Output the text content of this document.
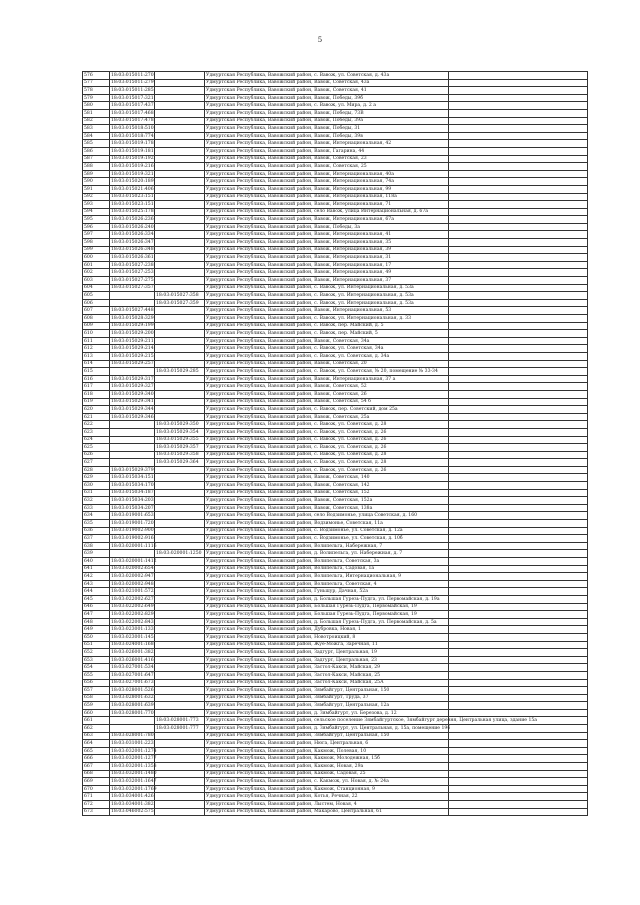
5
576	18:03:015011:270		Удмуртская Республика, Вавожский район, с. Вавож, ул. Советская, д. 43а	
577	18:03:015011:279		Удмуртская Республика, Вавожский район, Вавож, Советская, 43а	
578	18:03:015011:285		Удмуртская Республика, Вавожский район, Вавож, Советская, 41	
579	18:03:015017:321		Удмуртская Республика, Вавожский район, Вавож, Победы, 39б	
580	18:03:015017:437		Удмуртская Республика, Вавожский район, с. Вавож, ул. Мира, д. 2 а	
581	18:03:015017:468		Удмуртская Республика, Вавожский район, Вавож, Победы, 73В	
582	18:03:015017:478		Удмуртская Республика, Вавожский район, Вавож, Победы, 39а	
583	18:03:015018:510		Удмуртская Республика, Вавожский район, Вавож, Победы, 31	
584	18:03:015018:774		Удмуртская Республика, Вавожский район, Вавож, Победы, 39в	
585	18:03:015019:178		Удмуртская Республика, Вавожский район, Вавож, Интернациональная, 42	
586	18:03:015019:181		Удмуртская Республика, Вавожский район, Вавож, Гагарина, 44	
587	18:03:015019:192		Удмуртская Республика, Вавожский район, Вавож, Советская, 23	
588	18:03:015019:216		Удмуртская Республика, Вавожский район, Вавож, Советская, 25	
589	18:03:015019:321		Удмуртская Республика, Вавожский район, Вавож, Интернациональная, 40а	
590	18:03:015020:189		Удмуртская Республика, Вавожский район, Вавож, Интернациональная, 74а	
591	18:03:015021:406		Удмуртская Республика, Вавожский район, Вавож, Интернациональная, 99	
592	18:03:015023:151		Удмуртская Республика, Вавожский район, Вавож, Интернациональная, 118а	
593	18:03:015023:151		Удмуртская Республика, Вавожский район, Вавож, Интернациональная, 71	
594	18:03:015025:178		Удмуртская Республика, Вавожский район, село Вавож, улица Интернациональная, д. 67а	
595	18:03:015026:236		Удмуртская Республика, Вавожский район, Вавож, Интернациональная, 67а	
596	18:03:015026:240		Удмуртская Республика, Вавожский район, Вавож, Победы, 3а	
597	18:03:015026:334		Удмуртская Республика, Вавожский район, Вавож, Интернациональная, 41	
598	18:03:015026:347		Удмуртская Республика, Вавожский район, Вавож, Интернациональная, 35	
599	18:03:015026:348		Удмуртская Республика, Вавожский район, Вавож, Интернациональная, 39	
600	18:03:015026:361		Удмуртская Республика, Вавожский район, Вавож, Интернациональная, 31	
601	18:03:015027:238		Удмуртская Республика, Вавожский район, Вавож, Интернациональная, 17	
602	18:03:015027:253		Удмуртская Республика, Вавожский район, Вавож, Интернациональная, 49	
603	18:03:015027:275		Удмуртская Республика, Вавожский район, Вавож, Интернациональная, 37	
604	18:03:015027:357		Удмуртская Республика, Вавожский район, с. Вавож, ул. Интернациональная, д. 53а	
605		18:03:015027:358	Удмуртская Республика, Вавожский район, с. Вавож, ул. Интернациональная, д. 53а	
606		18:03:015027:359	Удмуртская Республика, Вавожский район, с. Вавож, ул. Интернациональная, д. 53а	
607	18:03:015027:448		Удмуртская Республика, Вавожский район, Вавож, Интернациональная, 53	
608	18:03:015028:329		Удмуртская Республика, Вавожский район, с. Вавож, ул. Интернациональная, д. 33	
609	18:03:015029:199		Удмуртская Республика, Вавожский район, с. Вавож, пер. Майский, д. 5	
610	18:03:015029:200		Удмуртская Республика, Вавожский район, с. Вавож, пер. Майский, 5	
611	18:03:015029:211		Удмуртская Республика, Вавожский район, Вавож, Советская, 34а	
612	18:03:015029:214		Удмуртская Республика, Вавожский район, с. Вавож, ул. Советская, 34а	
613	18:03:015029:215		Удмуртская Республика, Вавожский район, с. Вавож, ул. Советская, д. 34а	
614	18:03:015029:257		Удмуртская Республика, Вавожский район, Вавож, Советская, 20	
615		18:03:015029:285	Удмуртская Республика, Вавожский район, с. Вавож, ул. Советская, № 20, помещение № 33-34	
616	18:03:015029:317		Удмуртская Республика, Вавожский район, Вавож, Интернациональная, 37 а	
617	18:03:015029:327		Удмуртская Республика, Вавожский район, Вавож, Советская, 52	
618	18:03:015029:340		Удмуртская Республика, Вавожский район, Вавож, Советская, 26	
619	18:03:015029:341		Удмуртская Республика, Вавожский район, Вавож, Советская, 54 б	
620	18:03:015029:344		Удмуртская Республика, Вавожский район, с. Вавож, пер. Советский, дом 25а	
621	18:03:015029:346		Удмуртская Республика, Вавожский район, Вавож, Советская, 25а	
622		18:03:015029:350	Удмуртская Республика, Вавожский район, с. Вавож, ул. Советская, д. 28	
623		18:03:015029:354	Удмуртская Республика, Вавожский район, с. Вавож, ул. Советская, д. 26	
624		18:03:015029:355	Удмуртская Республика, Вавожский район, с. Вавож, ул. Советская, д. 26	
625		18:03:015029:357	Удмуртская Республика, Вавожский район, с. Вавож, ул. Советская, д. 26	
626		18:03:015029:358	Удмуртская Республика, Вавожский район, с. Вавож, ул. Советская, д. 28	
627		18:03:015029:364	Удмуртская Республика, Вавожский район, с. Вавож, ул. Советская, д. 28	
628	18:03:015029:379		Удмуртская Республика, Вавожский район, с. Вавож, ул. Советская, д. 26	
629	18:03:015034:151		Удмуртская Республика, Вавожский район, Вавож, Советская, 140	
630	18:03:015034:170		Удмуртская Республика, Вавожский район, Вавож, Советская, 142	
631	18:03:015034:187		Удмуртская Республика, Вавожский район, Вавож, Советская, 152	
632	18:03:015034:203		Удмуртская Республика, Вавожский район, Вавож, Советская, 152а	
633	18:03:015034:207		Удмуртская Республика, Вавожский район, Вавож, Советская, 138а	
634	18:03:019001:653		Удмуртская Республика, Вавожский район, село Водзимонье, улица Советская, д. 160	
635	18:03:019001:720		Удмуртская Республика, Вавожский район, Водзимонье, Советская, 11а	
636	18:03:019002:900		Удмуртская Республика, Вавожский район, с. Водзимонье, ул. Советская, д. 12а	
637	18:03:019002:916		Удмуртская Республика, Вавожский район, с. Водзимонье, ул. Советская, д. 10б	
638	18:03:020001:1116		Удмуртская Республика, Вавожский район, Волипельга, Набережная, 7	
639		18:03:020001:1250	Удмуртская Республика, Вавожский район, д. Волипельга, ул. Набережная, д. 7	
640	18:03:020001:1412		Удмуртская Республика, Вавожский район, Волипельга, Советская, 3а	
641	18:03:020002:654		Удмуртская Республика, Вавожский район, Волипельга, Садовая, 1а	
642	18:03:020002:947		Удмуртская Республика, Вавожский район, Волипельга, Интернациональная, 9	
643	18:03:020002:948		Удмуртская Республика, Вавожский район, Волипельга, Советская, 4	
644	18:03:021001:572		Удмуртская Республика, Вавожский район, Гуньшур, Дачная, 52а	
645	18:03:022002:627		Удмуртская Республика, Вавожский район, д. Большая Гурезь-Пудга, ул. Первомайская, д. 19а	
646	18:03:022002:649		Удмуртская Республика, Вавожский район, Большая Гурезь-Пудга, Первомайская, 19	
647	18:03:022002:829		Удмуртская Республика, Вавожский район, Большая Гурезь-Пудга, Первомайская, 19	
648	18:03:022002:843		Удмуртская Республика, Вавожский район, д. Большая Гурезь-Пудга, ул. Первомайская, д. 5а	
649	18:03:023001:133		Удмуртская Республика, Вавожский район, Дубровка, Новая, 1	
650	18:03:023001:145		Удмуртская Республика, Вавожский район, Новотроицкий, 8	
651	18:03:024001:168		Удмуртская Республика, Вавожский район, Жуё-Можга, Заречная, 11	
652	18:03:026001:382		Удмуртская Республика, Вавожский район, Задгурт, Центральная, 19	
653	18:03:026001:416		Удмуртская Республика, Вавожский район, Задгурт, Центральная, 23	
654	18:03:027001:534		Удмуртская Республика, Вавожский район, Застол-Какси, Майская, 29	
655	18:03:027001:647		Удмуртская Республика, Вавожский район, Застол-Какси, Майская, 25	
656	18:03:027001:673		Удмуртская Республика, Вавожский район, Застол-Какси, Майская, 25А	
657	18:03:028001:526		Удмуртская Республика, Вавожский район, Зямбайгурт, Центральная, 150	
658	18:03:028001:632		Удмуртская Республика, Вавожский район, Зямбайгурт, Труда, 37	
659	18:03:028001:639		Удмуртская Республика, Вавожский район, Зямбайгурт, Центральная, 12а	
660	18:03:028001:770		Удмуртская Республика, Вавожский район, д. Зямбайгурт, ул. Березова, д. 12	
661		18:03:028001:773	Удмуртская Республика, Вавожский район, сельское поселение Зямбайгуртское, Зямбайгурт деревня, Центральная улица, здание 15а	
662		18:03:028001:777	Удмуртская Республика, Вавожский район, д. Зямбайгурт, ул. Центральная, д. 15а, помещение 196	
663	18:03:028001:780		Удмуртская Республика, Вавожский район, Зямбайгурт, Центральная, 150	
664	18:03:031001:223		Удмуртская Республика, Вавожский район, Нюга, Центральная, 6	
665	18:03:032001:1274		Удмуртская Республика, Вавожский район, Какмож, Полевая, 10	
666	18:03:032001:1277		Удмуртская Республика, Вавожский район, Какмож, Молодежная, 15б	
667	18:03:032001:1358		Удмуртская Республика, Вавожский район, Какмож, Новая, 29а	
668	18:03:032001:1480		Удмуртская Республика, Вавожский район, Какмож, Садовая, 25	
669	18:03:032001:1647		Удмуртская Республика, Вавожский район, с. Какмож, ул. Новая, д. № 24а	
670	18:03:032001:1769		Удмуртская Республика, Вавожский район, Какмож, Станционная, 9	
671	18:03:034001:426		Удмуртская Республика, Вавожский район, Котья, Речная, 22	
672	18:03:034001:382		Удмуртская Республика, Вавожский район, Лыстем, Новая, 4	
673	18:03:046002:575		Удмуртская Республика, Вавожский район, Макарово, Центральная, 61	
